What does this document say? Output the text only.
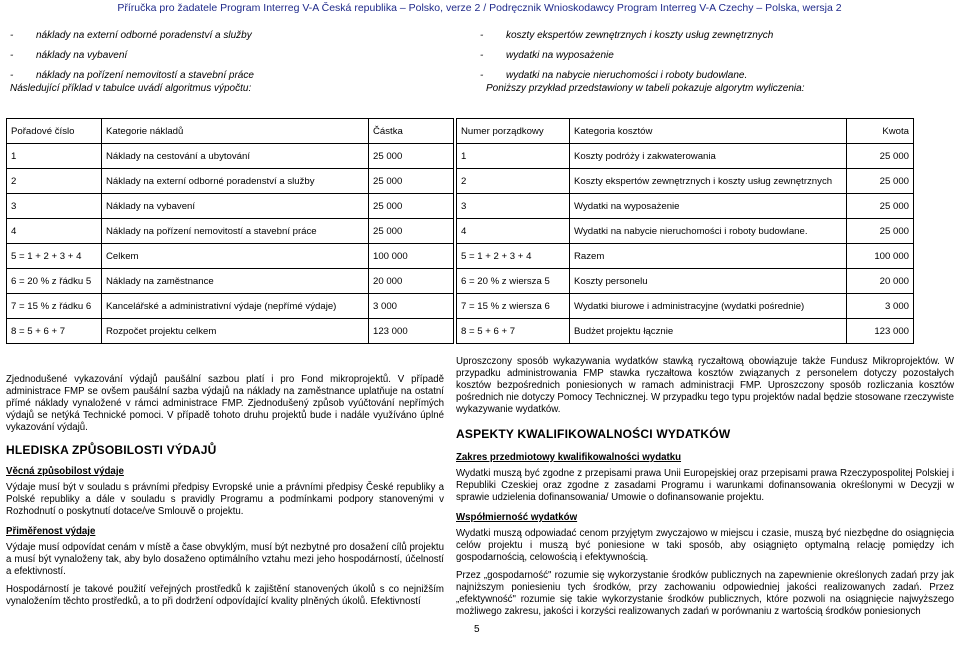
Příručka pro žadatele Program Interreg V-A Česká republika – Polsko, verze 2 / Podręcznik Wnioskodawcy Program Interreg V-A Czechy – Polska, wersja 2
- náklady na externí odborné poradenství a služby
- náklady na vybavení
- náklady na pořízení nemovitostí a stavební práce
Následující příklad v tabulce uvádí algoritmus výpočtu:
Pořadové číslo	Kategorie nákladů	Částka
1	Náklady na cestování a ubytování	25 000
2	Náklady na externí odborné poradenství a služby	25 000
3	Náklady na vybavení	25 000
4	Náklady na pořízení nemovitostí a stavební práce	25 000
5 = 1 + 2 + 3 + 4	Celkem	100 000
6 = 20 % z řádku 5	Náklady na zaměstnance	20 000
7 = 15 % z řádku 6	Kancelářské a administrativní výdaje (nepřímé výdaje)	3 000
8 = 5 + 6 + 7	Rozpočet projektu celkem	123 000

Zjednodušené vykazování výdajů paušální sazbou platí i pro Fond mikroprojektů. V případě administrace FMP se ovšem paušální sazba výdajů na náklady na zaměstnance uplatňuje na ostatní přímé náklady vynaložené v rámci administrace FMP. Zjednodušený způsob vyúčtování nepřímých výdajů se netýká Technické pomoci. V případě tohoto druhu projektů bude i nadále využíváno úplné vykazování výdajů.

HLEDISKA ZPŮSOBILOSTI VÝDAJŮ
Věcná způsobilost výdaje

Výdaje musí být v souladu s právními předpisy Evropské unie a právními předpisy České republiky a Polské republiky a dále v souladu s pravidly Programu a podmínkami podpory stanovenými v Rozhodnutí o poskytnutí dotace/ve Smlouvě o projektu.

Přiměřenost výdaje

Výdaje musí odpovídat cenám v místě a čase obvyklým, musí být nezbytné pro dosažení cílů projektu a musí být vynaloženy tak, aby bylo dosaženo optimálního vztahu mezi jeho hospodárností, účelností a efektivností.

Hospodárností je takové použití veřejných prostředků k zajištění stanovených úkolů s co nejnižším vynaložením těchto prostředků, a to při dodržení odpovídající kvality plněných úkolů. Efektivností

- koszty ekspertów zewnętrznych i koszty usług zewnętrznych
- wydatki na wyposażenie
- wydatki na nabycie nieruchomości i roboty budowlane.
Poniższy przykład przedstawiony w tabeli pokazuje algorytm wyliczenia:
Numer porządkowy	Kategoria kosztów	Kwota
1	Koszty podróży i zakwaterowania	25 000
2	Koszty ekspertów zewnętrznych i koszty usług zewnętrznych	25 000
3	Wydatki na wyposażenie	25 000
4	Wydatki na nabycie nieruchomości i roboty budowlane.	25 000
5 = 1 + 2 + 3 + 4	Razem	100 000
6 = 20 % z wiersza 5	Koszty personelu	20 000
7 = 15 % z wiersza 6	Wydatki biurowe i administracyjne (wydatki pośrednie)	3 000
8 = 5 + 6 + 7	Budżet projektu łącznie	123 000

Uproszczony sposób wykazywania wydatków stawką ryczałtową obowiązuje także Fundusz Mikroprojektów. W przypadku administrowania FMP stawka ryczałtowa kosztów związanych z personelem dotyczy pozostałych kosztów bezpośrednich poniesionych w ramach administracji FMP. Uproszczony sposób rozliczania kosztów pośrednich nie dotyczy Pomocy Technicznej. W przypadku tego typu projektów nadal będzie stosowane rzeczywiste wykazywanie wydatków.

ASPEKTY KWALIFIKOWALNOŚCI WYDATKÓW
Zakres przedmiotowy kwalifikowalności wydatku

Wydatki muszą być zgodne z przepisami prawa Unii Europejskiej oraz przepisami prawa Rzeczypospolitej Polskiej i Republiki Czeskiej oraz zgodne z zasadami Programu i warunkami dofinansowania określonymi w Decyzji w sprawie udzielenia dofinansowania/ Umowie o dofinansowanie projektu.

Współmierność wydatków

Wydatki muszą odpowiadać cenom przyjętym zwyczajowo w miejscu i czasie, muszą być niezbędne do osiągnięcia celów projektu i muszą być poniesione w taki sposób, aby osiągnięto optymalną relację pomiędzy ich gospodarnością, celowością i efektywnością.

Przez „gospodarność" rozumie się wykorzystanie środków publicznych na zapewnienie określonych zadań przy jak najniższym poniesieniu tych środków, przy zachowaniu odpowiedniej jakości realizowanych zadań. Przez „efektywność" rozumie się takie wykorzystanie środków publicznych, które pozwoli na osiągnięcie najwyższego możliwego zakresu, jakości i korzyści realizowanych zadań w porównaniu z wartością środków poniesionych

5
